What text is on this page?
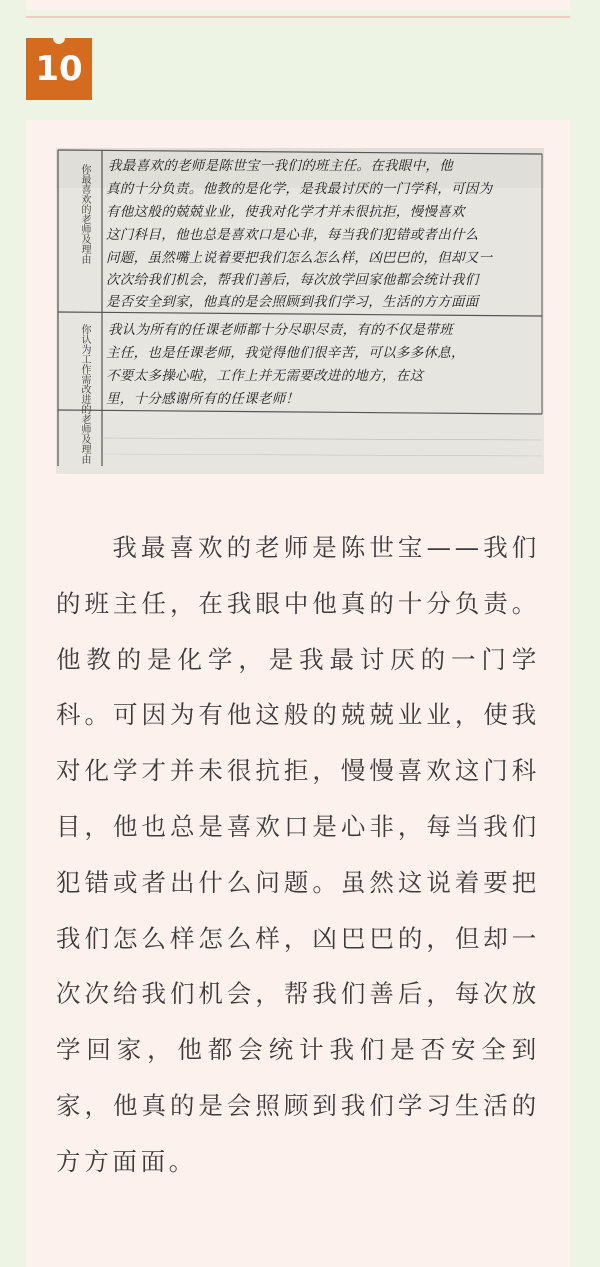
10
你最喜欢的老师及理由
你认为工作需改进的老师及理由
我最喜欢的老师是陈世宝一我们的班主任。在我眼中，他
真的十分负责。他教的是化学，是我最讨厌的一门学科，可因为
有他这般的兢兢业业，使我对化学才并未很抗拒，慢慢喜欢
这门科目，他也总是喜欢口是心非，每当我们犯错或者出什么
问题，虽然嘴上说着要把我们怎么怎么样，凶巴巴的，但却又一
次次给我们机会，帮我们善后，每次放学回家他都会统计我们
是否安全到家，他真的是会照顾到我们学习，生活的方方面面
我认为所有的任课老师都十分尽职尽责，有的不仅是带班
主任，也是任课老师，我觉得他们很辛苦，可以多多休息，
不要太多操心啦，工作上并无需要改进的地方，在这
里，十分感谢所有的任课老师！
我最喜欢的老师是陈世宝——我们的班主任，在我眼中他真的十分负责。他教的是化学，是我最讨厌的一门学科。可因为有他这般的兢兢业业，使我对化学才并未很抗拒，慢慢喜欢这门科目，他也总是喜欢口是心非，每当我们犯错或者出什么问题。虽然这说着要把我们怎么样怎么样，凶巴巴的，但却一次次给我们机会，帮我们善后，每次放学回家，他都会统计我们是否安全到家，他真的是会照顾到我们学习生活的方方面面。
